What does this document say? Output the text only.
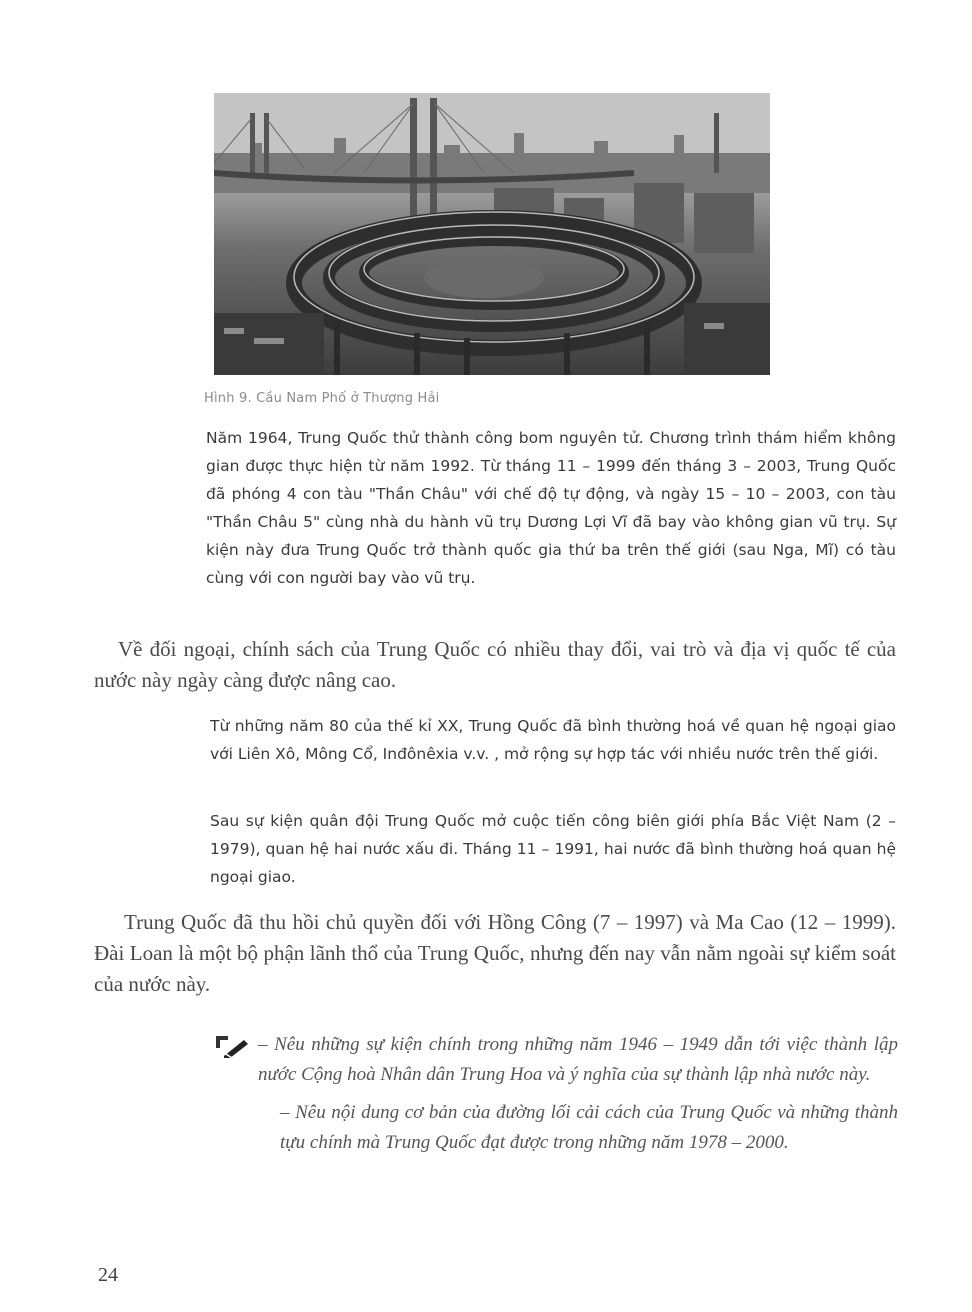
Hình 9. Cầu Nam Phố ở Thượng Hải

Năm 1964, Trung Quốc thử thành công bom nguyên tử. Chương trình thám hiểm không gian được thực hiện từ năm 1992. Từ tháng 11 – 1999 đến tháng 3 – 2003, Trung Quốc đã phóng 4 con tàu "Thần Châu" với chế độ tự động, và ngày 15 – 10 – 2003, con tàu "Thần Châu 5" cùng nhà du hành vũ trụ Dương Lợi Vĩ đã bay vào không gian vũ trụ. Sự kiện này đưa Trung Quốc trở thành quốc gia thứ ba trên thế giới (sau Nga, Mĩ) có tàu cùng với con người bay vào vũ trụ.

Về đối ngoại, chính sách của Trung Quốc có nhiều thay đổi, vai trò và địa vị quốc tế của nước này ngày càng được nâng cao.

Từ những năm 80 của thế kỉ XX, Trung Quốc đã bình thường hoá về quan hệ ngoại giao với Liên Xô, Mông Cổ, Inđônêxia v.v. , mở rộng sự hợp tác với nhiều nước trên thế giới.

Sau sự kiện quân đội Trung Quốc mở cuộc tiến công biên giới phía Bắc Việt Nam (2 – 1979), quan hệ hai nước xấu đi. Tháng 11 – 1991, hai nước đã bình thường hoá quan hệ ngoại giao.

Trung Quốc đã thu hồi chủ quyền đối với Hồng Công (7 – 1997) và Ma Cao (12 – 1999). Đài Loan là một bộ phận lãnh thổ của Trung Quốc, nhưng đến nay vẫn nằm ngoài sự kiểm soát của nước này.

– Nêu những sự kiện chính trong những năm 1946 – 1949 dẫn tới việc thành lập nước Cộng hoà Nhân dân Trung Hoa và ý nghĩa của sự thành lập nhà nước này.

– Nêu nội dung cơ bản của đường lối cải cách của Trung Quốc và những thành tựu chính mà Trung Quốc đạt được trong những năm 1978 – 2000.

24
